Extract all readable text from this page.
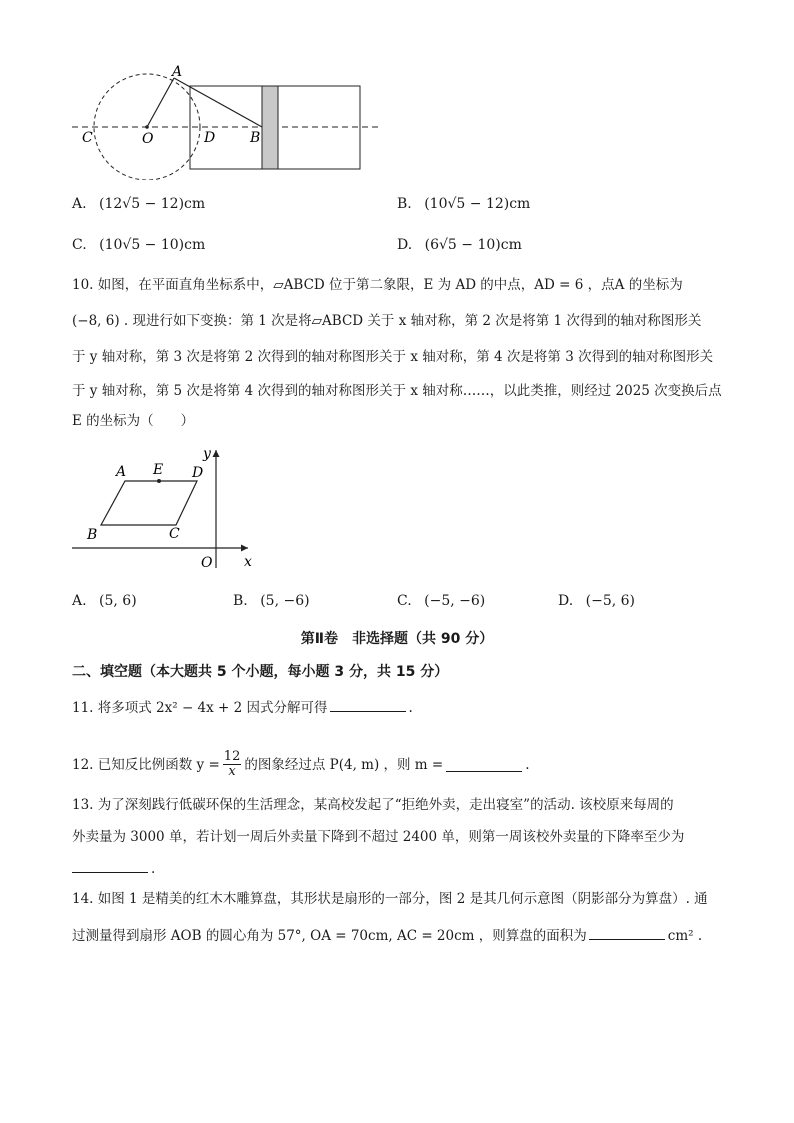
A
C	O	D B
A. (12√5 − 12)cm	B. (10√5 − 12)cm
C. (10√5 − 10)cm	D. (6√5 − 10)cm
10. 如图，在平面直角坐标系中，▱ABCD 位于第二象限，E 为 AD 的中点，AD = 6 ，点A 的坐标为
(−8, 6) . 现进行如下变换：第 1 次是将▱ABCD 关于 x 轴对称，第 2 次是将第 1 次得到的轴对称图形关
于 y 轴对称，第 3 次是将第 2 次得到的轴对称图形关于 x 轴对称，第 4 次是将第 3 次得到的轴对称图形关
于 y 轴对称，第 5 次是将第 4 次得到的轴对称图形关于 x 轴对称……，以此类推，则经过 2025 次变换后点
E 的坐标为（　　）
y
x
O
A E D
B	C
A. (5, 6)	B. (5, −6)	C. (−5, −6)	D. (−5, 6)
第Ⅱ卷　非选择题（共 90 分）
二、填空题（本大题共 5 个小题，每小题 3 分，共 15 分）
11. 将多项式 2x² − 4x + 2 因式分解可得	.
12. 已知反比例函数 $y = \frac{12}{x}$ 的图象经过点 P(4, m) ，则 m =	.
13. 为了深刻践行低碳环保的生活理念，某高校发起了“拒绝外卖，走出寝室”的活动. 该校原来每周的
外卖量为 3000 单，若计划一周后外卖量下降到不超过 2400 单，则第一周该校外卖量的下降率至少为
.
14. 如图 1 是精美的红木木雕算盘，其形状是扇形的一部分，图 2 是其几何示意图（阴影部分为算盘）. 通
过测量得到扇形 AOB 的圆心角为 57°, OA = 70cm, AC = 20cm ，则算盘的面积为	cm² .
